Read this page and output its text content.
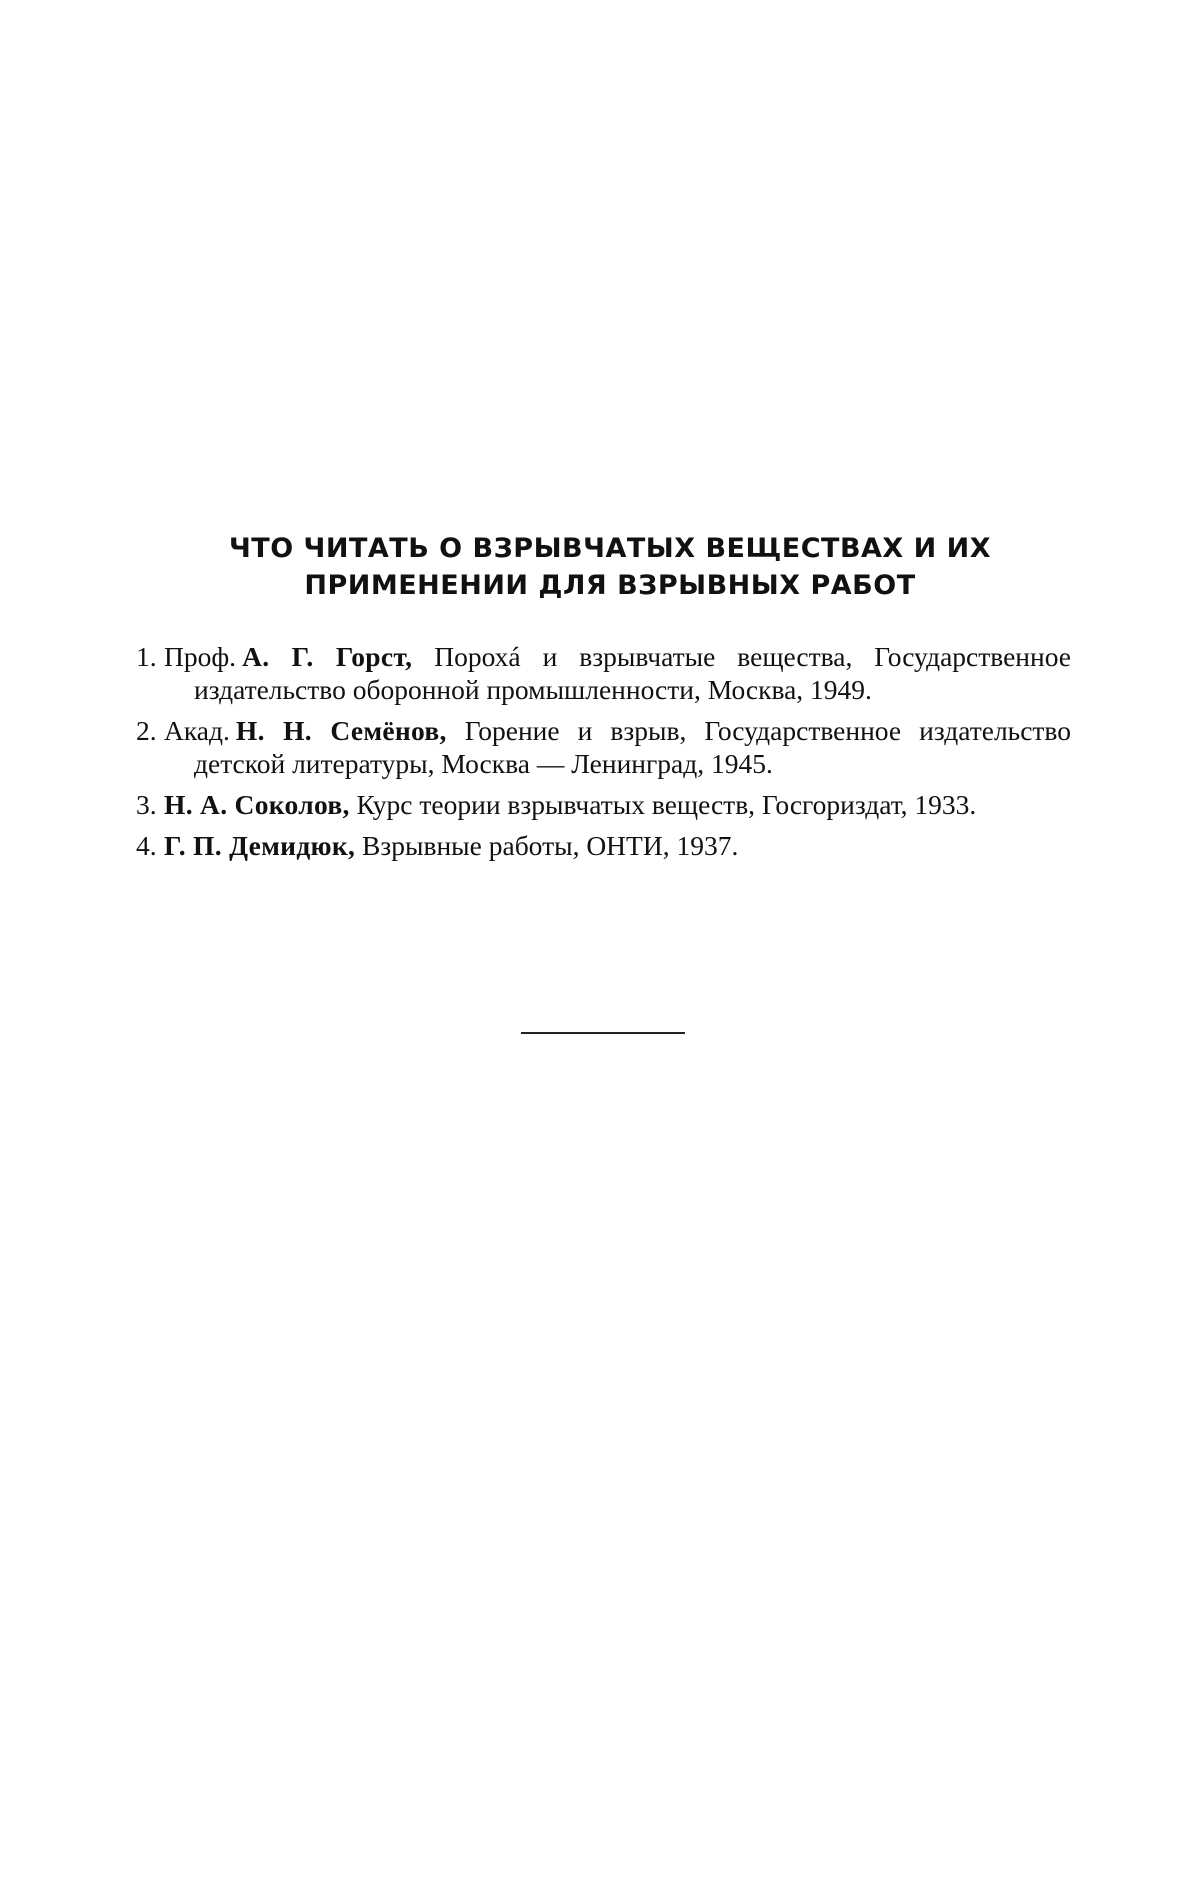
ЧТО ЧИТАТЬ О ВЗРЫВЧАТЫХ ВЕЩЕСТВАХ И ИХ
ПРИМЕНЕНИИ ДЛЯ ВЗРЫВНЫХ РАБОТ
1. Проф. А. Г. Горст, Порохá и взрывчатые вещества, Государственное издательство оборонной промышленности, Москва, 1949.
2. Акад. Н. Н. Семёнов, Горение и взрыв, Государственное издательство детской литературы, Москва — Ленинград, 1945.
3. Н. А. Соколов, Курс теории взрывчатых веществ, Госгориздат, 1933.
4. Г. П. Демидюк, Взрывные работы, ОНТИ, 1937.
